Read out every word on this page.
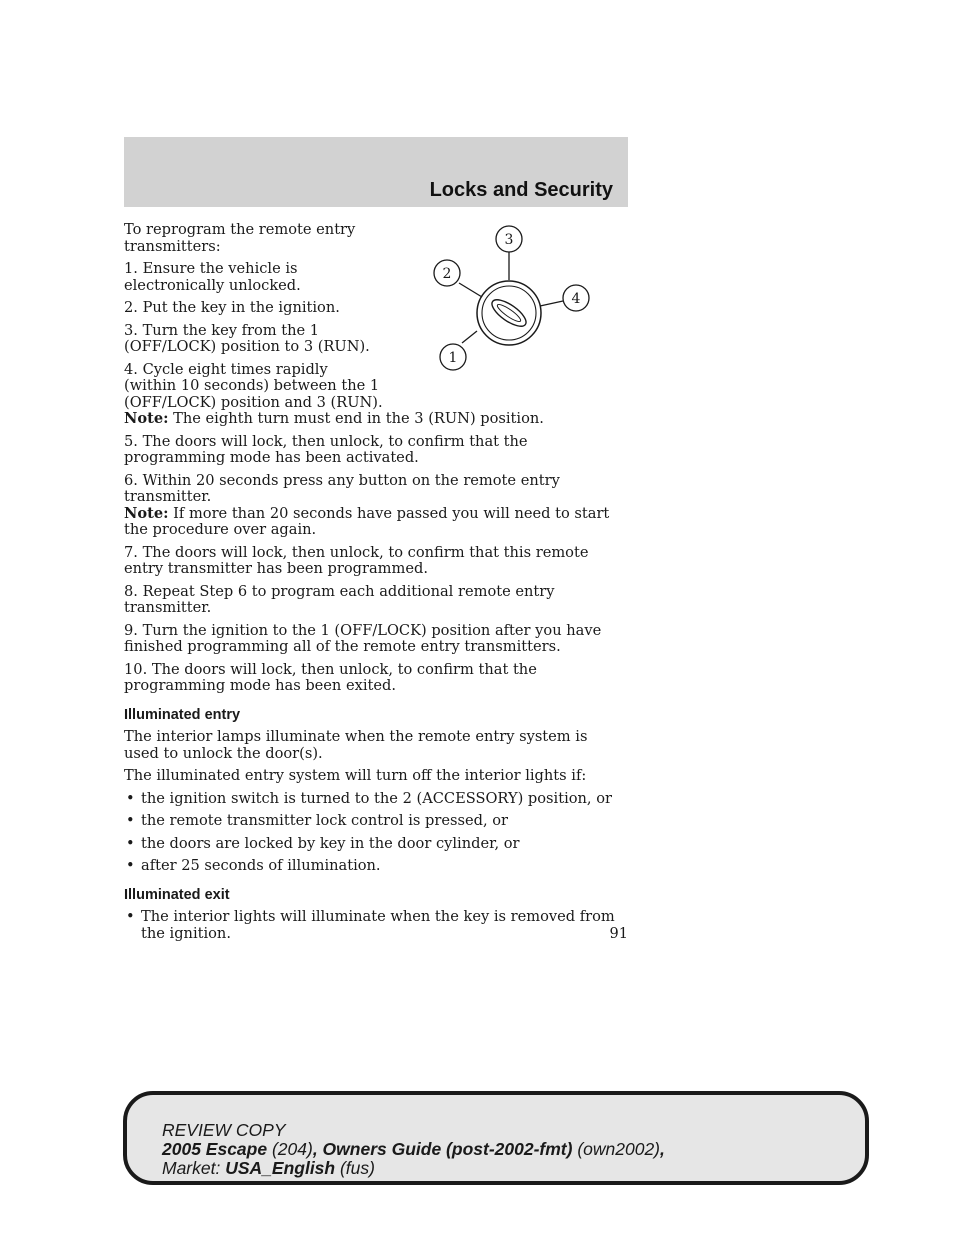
Locks and Security
3
2
4
1

To reprogram the remote entry transmitters:

1. Ensure the vehicle is electronically unlocked.

2. Put the key in the ignition.

3. Turn the key from the 1 (OFF/LOCK) position to 3 (RUN).

4. Cycle eight times rapidly (within 10 seconds) between the 1 (OFF/LOCK) position and 3 (RUN).

Note: The eighth turn must end in the 3 (RUN) position.

5. The doors will lock, then unlock, to confirm that the programming mode has been activated.

6. Within 20 seconds press any button on the remote entry transmitter.

Note: If more than 20 seconds have passed you will need to start the procedure over again.

7. The doors will lock, then unlock, to confirm that this remote entry transmitter has been programmed.

8. Repeat Step 6 to program each additional remote entry transmitter.

9. Turn the ignition to the 1 (OFF/LOCK) position after you have finished programming all of the remote entry transmitters.

10. The doors will lock, then unlock, to confirm that the programming mode has been exited.

Illuminated entry

The interior lamps illuminate when the remote entry system is used to unlock the door(s).

The illuminated entry system will turn off the interior lights if:

• the ignition switch is turned to the 2 (ACCESSORY) position, or
• the remote transmitter lock control is pressed, or
• the doors are locked by key in the door cylinder, or
• after 25 seconds of illumination.
Illuminated exit
• The interior lights will illuminate when the key is removed from the ignition.	91
REVIEW COPY
2005 Escape (204), Owners Guide (post-2002-fmt) (own2002),
Market: USA_English (fus)
